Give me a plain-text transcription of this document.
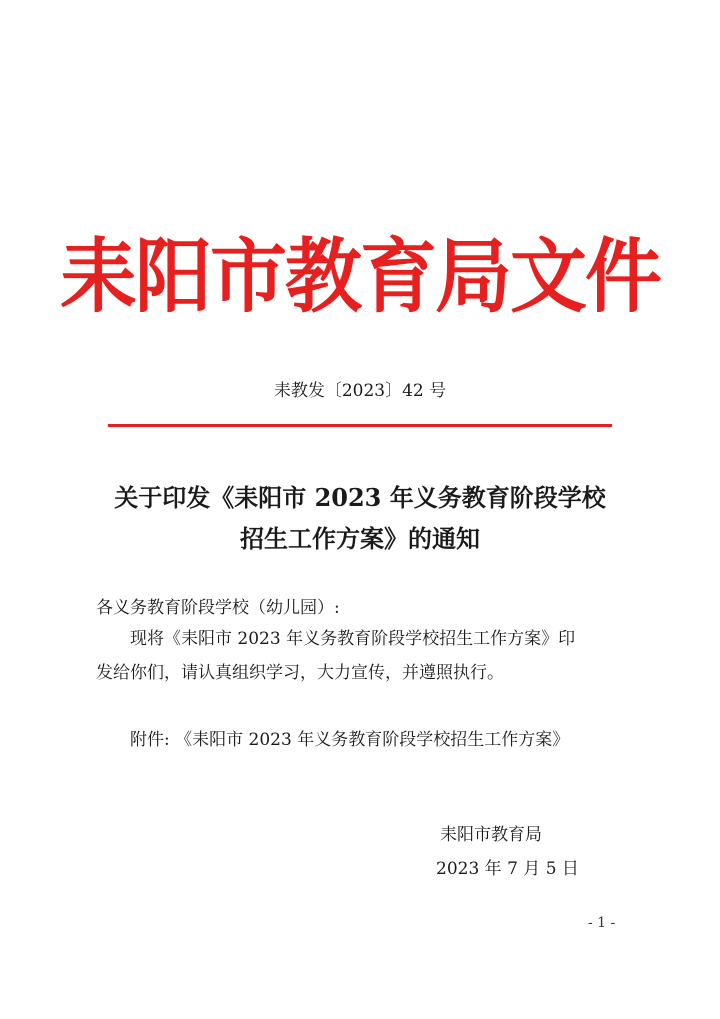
耒阳市教育局文件
耒教发〔2023〕42 号
关于印发《耒阳市 2023 年义务教育阶段学校
招生工作方案》的通知
各义务教育阶段学校（幼儿园）:
现将《耒阳市 2023 年义务教育阶段学校招生工作方案》印
发给你们，请认真组织学习，大力宣传，并遵照执行。
附件: 《耒阳市 2023 年义务教育阶段学校招生工作方案》
耒阳市教育局
2023 年 7 月 5 日
- 1 -
